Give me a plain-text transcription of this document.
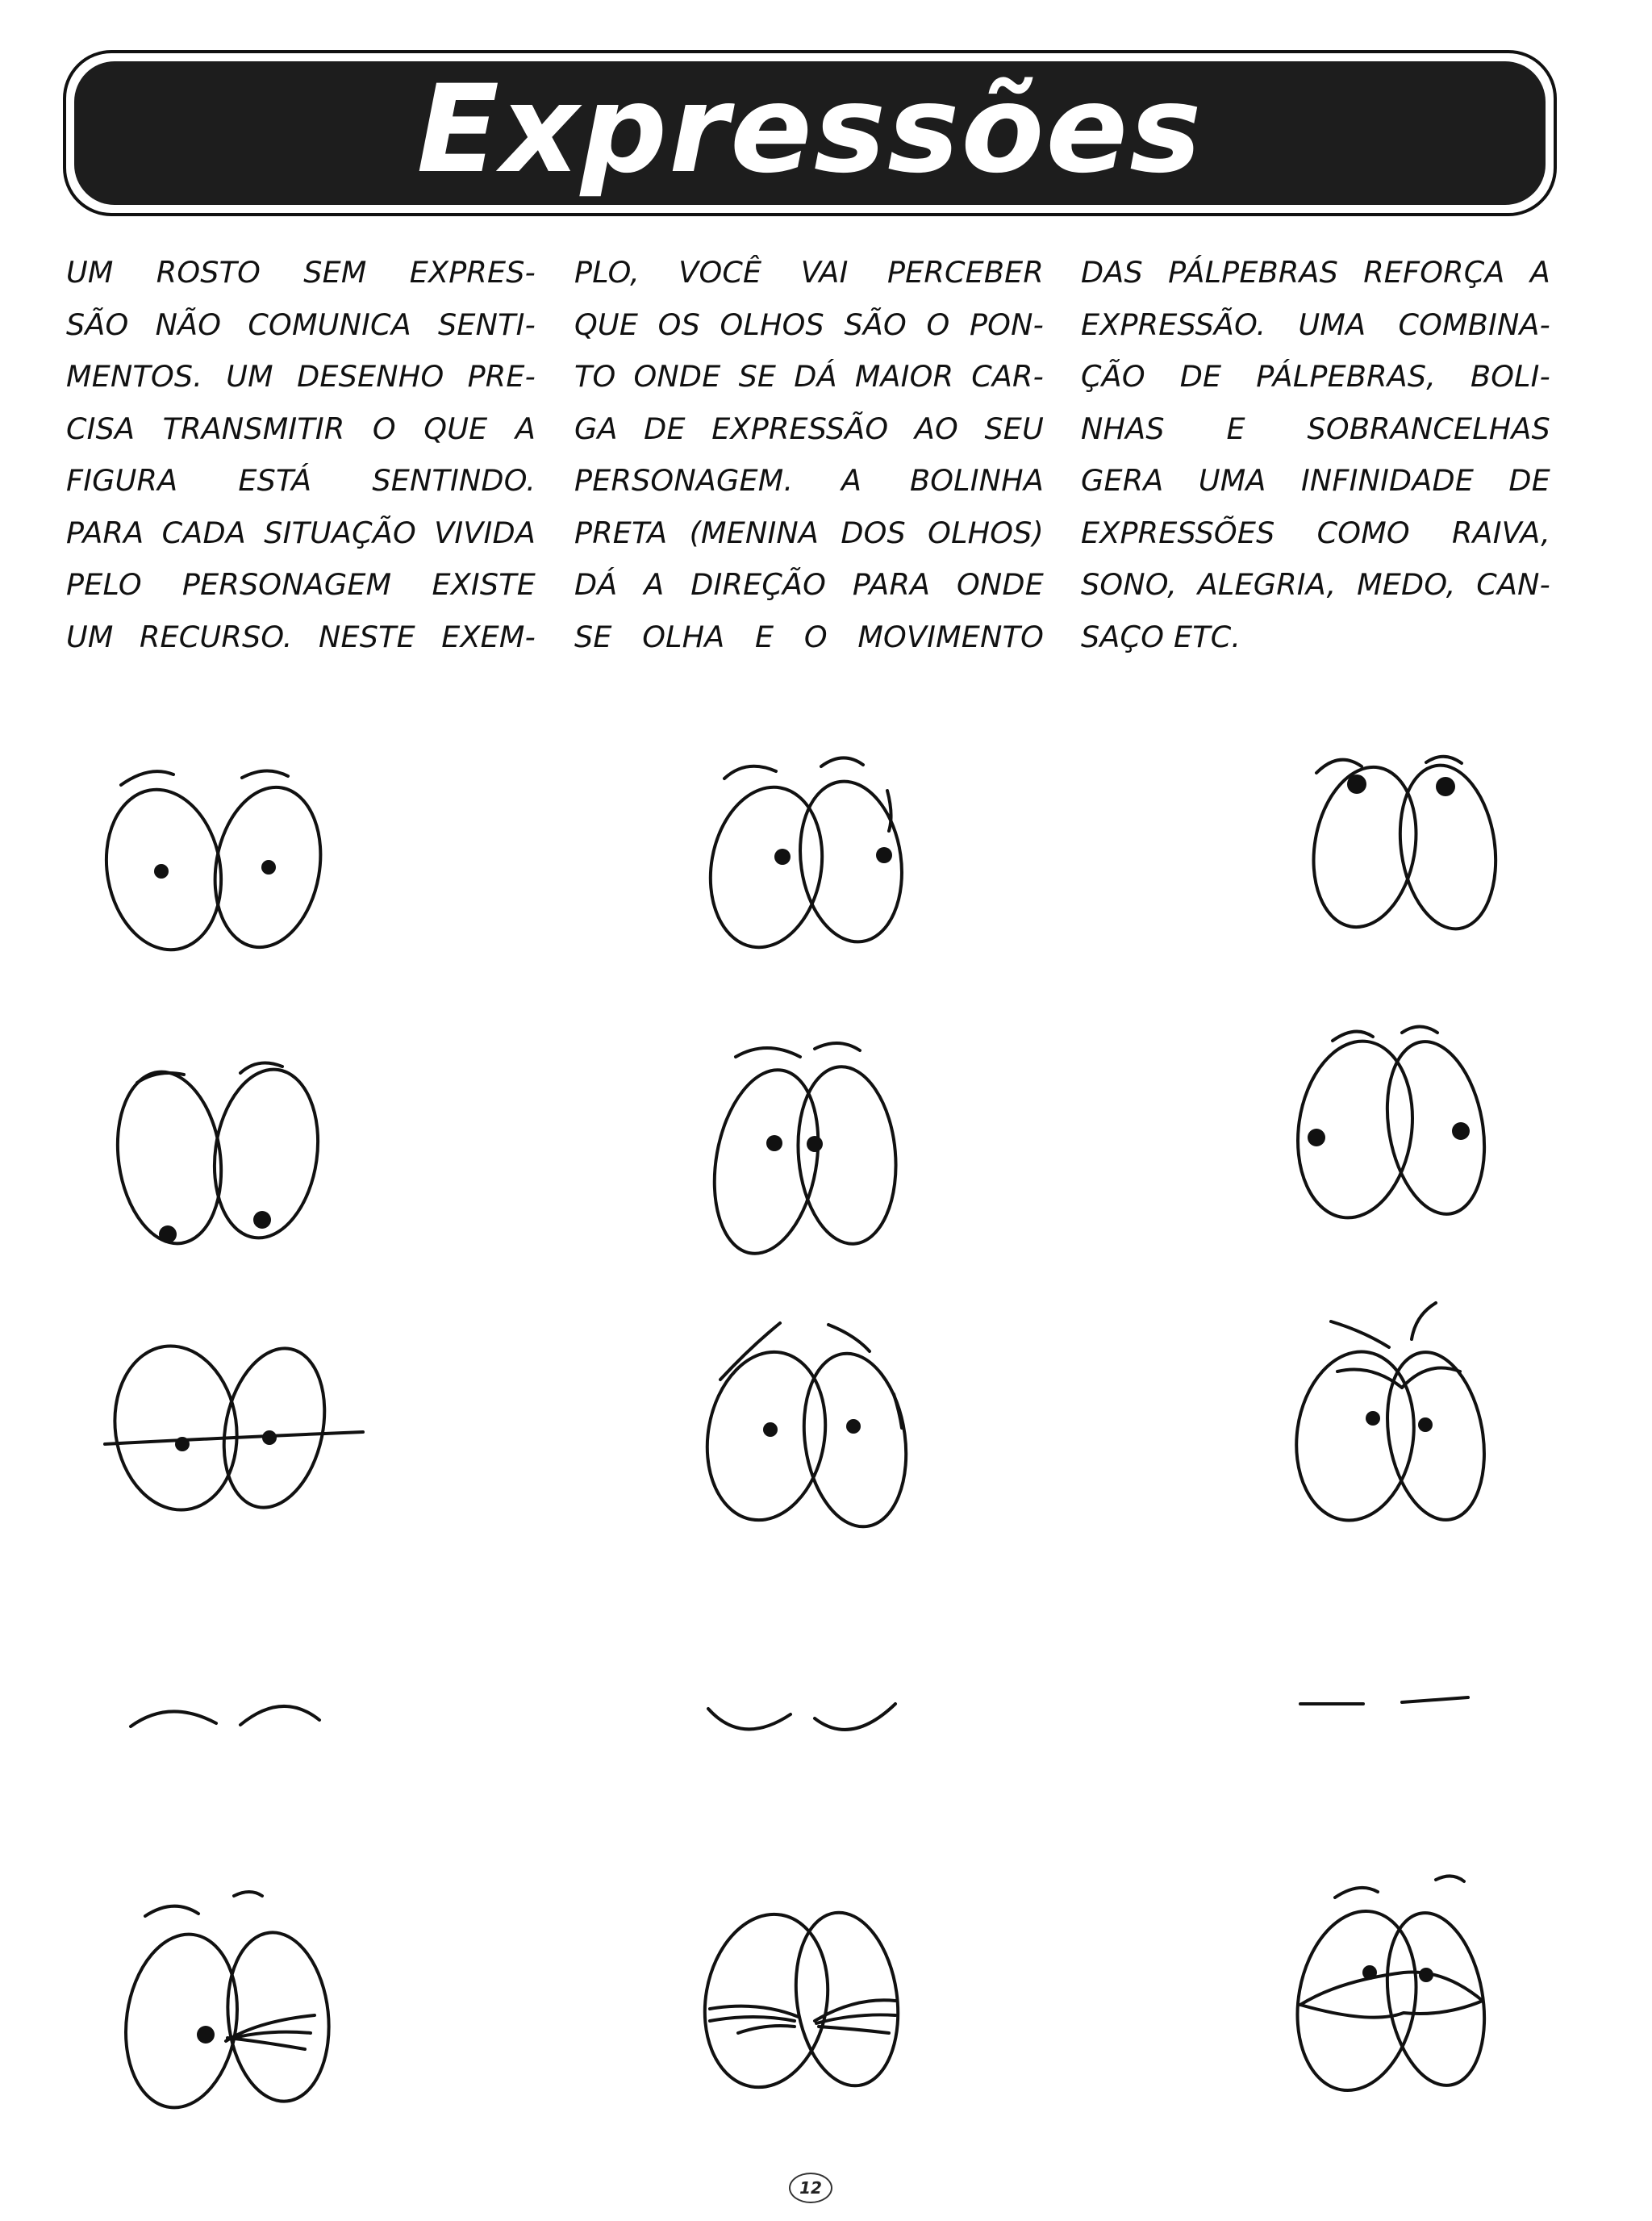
Expressões
UM ROSTO SEM EXPRES-
SÃO NÃO COMUNICA SENTI-
MENTOS. UM DESENHO PRE-
CISA TRANSMITIR O QUE A
FIGURA ESTÁ SENTINDO.
PARA CADA SITUAÇÃO VIVIDA
PELO PERSONAGEM EXISTE
UM RECURSO. NESTE EXEM-
PLO, VOCÊ VAI PERCEBER
QUE OS OLHOS SÃO O PON-
TO ONDE SE DÁ MAIOR CAR-
GA DE EXPRESSÃO AO SEU
PERSONAGEM. A BOLINHA
PRETA (MENINA DOS OLHOS)
DÁ A DIREÇÃO PARA ONDE
SE OLHA E O MOVIMENTO
DAS PÁLPEBRAS REFORÇA A
EXPRESSÃO. UMA COMBINA-
ÇÃO DE PÁLPEBRAS, BOLI-
NHAS E SOBRANCELHAS
GERA UMA INFINIDADE DE
EXPRESSÕES COMO RAIVA,
SONO, ALEGRIA, MEDO, CAN-
SAÇO ETC.
12
